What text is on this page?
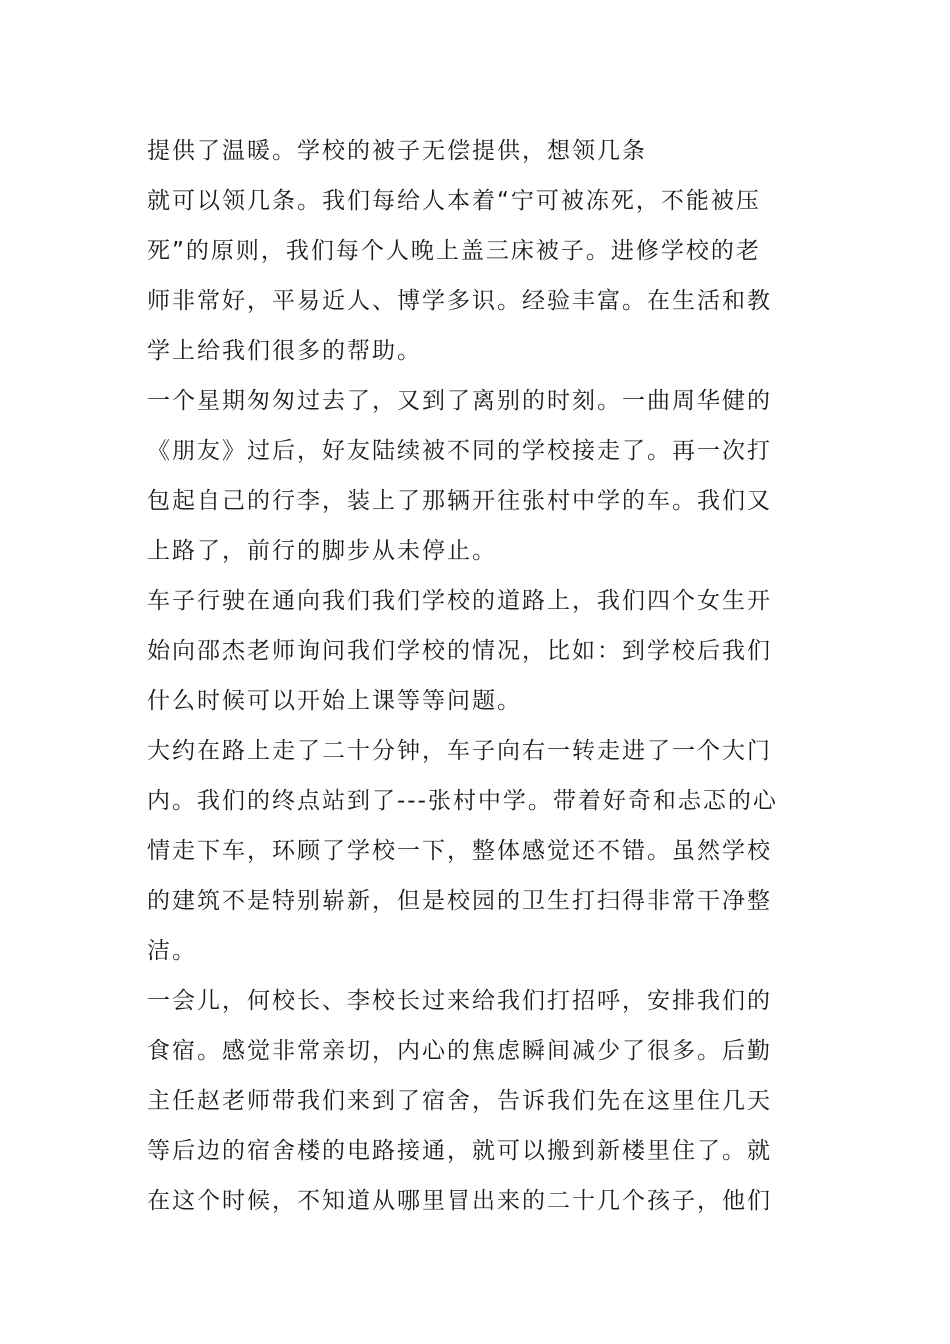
提供了温暖。学校的被子无偿提供，想领几条
就可以领几条。我们每给人本着“宁可被冻死，不能被压
死”的原则，我们每个人晚上盖三床被子。进修学校的老
师非常好，平易近人、博学多识。经验丰富。在生活和教
学上给我们很多的帮助。
一个星期匆匆过去了，又到了离别的时刻。一曲周华健的
《朋友》过后，好友陆续被不同的学校接走了。再一次打
包起自己的行李，装上了那辆开往张村中学的车。我们又
上路了，前行的脚步从未停止。
车子行驶在通向我们我们学校的道路上，我们四个女生开
始向邵杰老师询问我们学校的情况，比如：到学校后我们
什么时候可以开始上课等等问题。
大约在路上走了二十分钟，车子向右一转走进了一个大门
内。我们的终点站到了---张村中学。带着好奇和忐忑的心
情走下车，环顾了学校一下，整体感觉还不错。虽然学校
的建筑不是特别崭新，但是校园的卫生打扫得非常干净整
洁。
一会儿，何校长、李校长过来给我们打招呼，安排我们的
食宿。感觉非常亲切，内心的焦虑瞬间减少了很多。后勤
主任赵老师带我们来到了宿舍，告诉我们先在这里住几天
等后边的宿舍楼的电路接通，就可以搬到新楼里住了。就
在这个时候，不知道从哪里冒出来的二十几个孩子，他们
